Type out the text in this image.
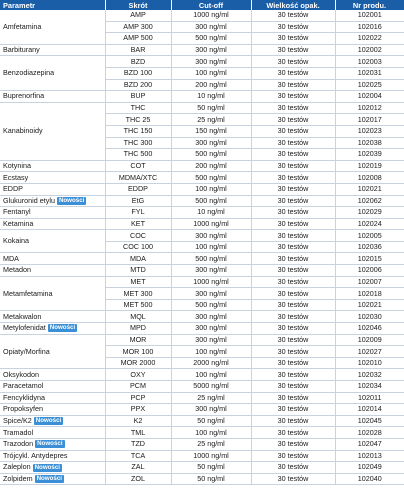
Parametr	Skrót	Cut-off	Wielkość opak.	Nr produ.
Amfetamina	AMP	1000 ng/ml	30 testów	102001
	AMP 300	300 ng/ml	30 testów	102016
	AMP 500	500 ng/ml	30 testów	102022
Barbiturany	BAR	300 ng/ml	30 testów	102002
Benzodiazepina	BZD	300 ng/ml	30 testów	102003
	BZD 100	100 ng/ml	30 testów	102031
	BZD 200	200 ng/ml	30 testów	102025
Buprenorfina	BUP	10 ng/ml	30 testów	102004
Kanabinoidy	THC	50 ng/ml	30 testów	102012
	THC 25	25 ng/ml	30 testów	102017
	THC 150	150 ng/ml	30 testów	102023
	THC 300	300 ng/ml	30 testów	102038
	THC 500	500 ng/ml	30 testów	102039
Kotynina	COT	200 ng/ml	30 testów	102019
Ecstasy	MDMA/XTC	500 ng/ml	30 testów	102008
EDDP	EDDP	100 ng/ml	30 testów	102021
Glukuronid etylu Nowości	EtG	500 ng/ml	30 testów	102062
Fentanyl	FYL	10 ng/ml	30 testów	102029
Ketamina	KET	1000 ng/ml	30 testów	102024
Kokaina	COC	300 ng/ml	30 testów	102005
	COC 100	100 ng/ml	30 testów	102036
MDA	MDA	500 ng/ml	30 testów	102015
Metadon	MTD	300 ng/ml	30 testów	102006
Metamfetamina	MET	1000 ng/ml	30 testów	102007
	MET 300	300 ng/ml	30 testów	102018
	MET 500	500 ng/ml	30 testów	102021
Metakwalon	MQL	300 ng/ml	30 testów	102030
Metylofenidat Nowości	MPD	300 ng/ml	30 testów	102046
Opiaty/Morfina	MOR	300 ng/ml	30 testów	102009
	MOR 100	100 ng/ml	30 testów	102027
	MOR 2000	2000 ng/ml	30 testów	102010
Oksykodon	OXY	100 ng/ml	30 testów	102032
Paracetamol	PCM	5000 ng/ml	30 testów	102034
Fencyklidyna	PCP	25 ng/ml	30 testów	102011
Propoksyfen	PPX	300 ng/ml	30 testów	102014
Spice/K2 Nowości	K2	50 ng/ml	30 testów	102045
Tramadol	TML	100 ng/ml	30 testów	102028
Trazodon Nowości	TZD	25 ng/ml	30 testów	102047
Trójcykl. Antydepres	TCA	1000 ng/ml	30 testów	102013
Zaleplon Nowości	ZAL	50 ng/ml	30 testów	102049
Zolpidem Nowości	ZOL	50 ng/ml	30 testów	102040
